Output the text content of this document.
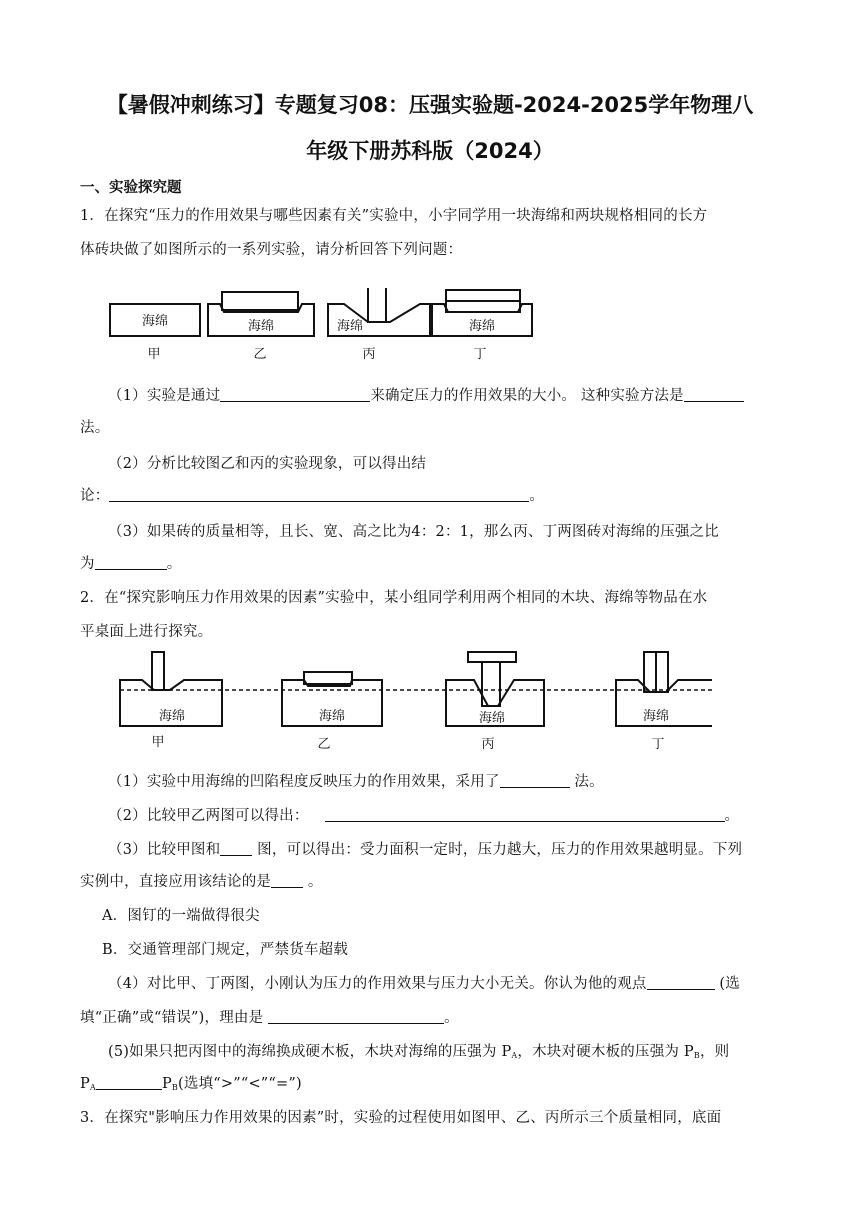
【暑假冲刺练习】专题复习08：压强实验题-2024-2025学年物理八
年级下册苏科版（2024）
一、实验探究题
1．在探究“压力的作用效果与哪些因素有关”实验中，小宇同学用一块海绵和两块规格相同的长方
体砖块做了如图所示的一系列实验，请分析回答下列问题：
海绵	海绵	海绵	海绵
甲	乙	丙	丁
（1）实验是通过	来确定压力的作用效果的大小。 这种实验方法是
法。
（2）分析比较图乙和丙的实验现象，可以得出结
论：	。
（3）如果砖的质量相等，且长、宽、高之比为4：2：1，那么丙、丁两图砖对海绵的压强之比
为	。
2．在“探究影响压力作用效果的因素”实验中，某小组同学利用两个相同的木块、海绵等物品在水
平桌面上进行探究。
海绵	海绵	海绵	海绵
甲	乙	丙	丁
（1）实验中用海绵的凹陷程度反映压力的作用效果，采用了	法。
（2）比较甲乙两图可以得出：	。
（3）比较甲图和 图，可以得出：受力面积一定时，压力越大，压力的作用效果越明显。下列
实例中，直接应用该结论的是 。
A．图钉的一端做得很尖
B．交通管理部门规定，严禁货车超载
（4）对比甲、丁两图，小刚认为压力的作用效果与压力大小无关。你认为他的观点	(选
填“正确”或“错误”)，理由是	。
(5)如果只把丙图中的海绵换成硬木板，木块对海绵的压强为 $P_A$，木块对硬木板的压强为 $P_B$，则
$P_A$	$P_B$(选填“>”“<”“=”)
3．在探究"影响压力作用效果的因素”时，实验的过程使用如图甲、乙、丙所示三个质量相同，底面
